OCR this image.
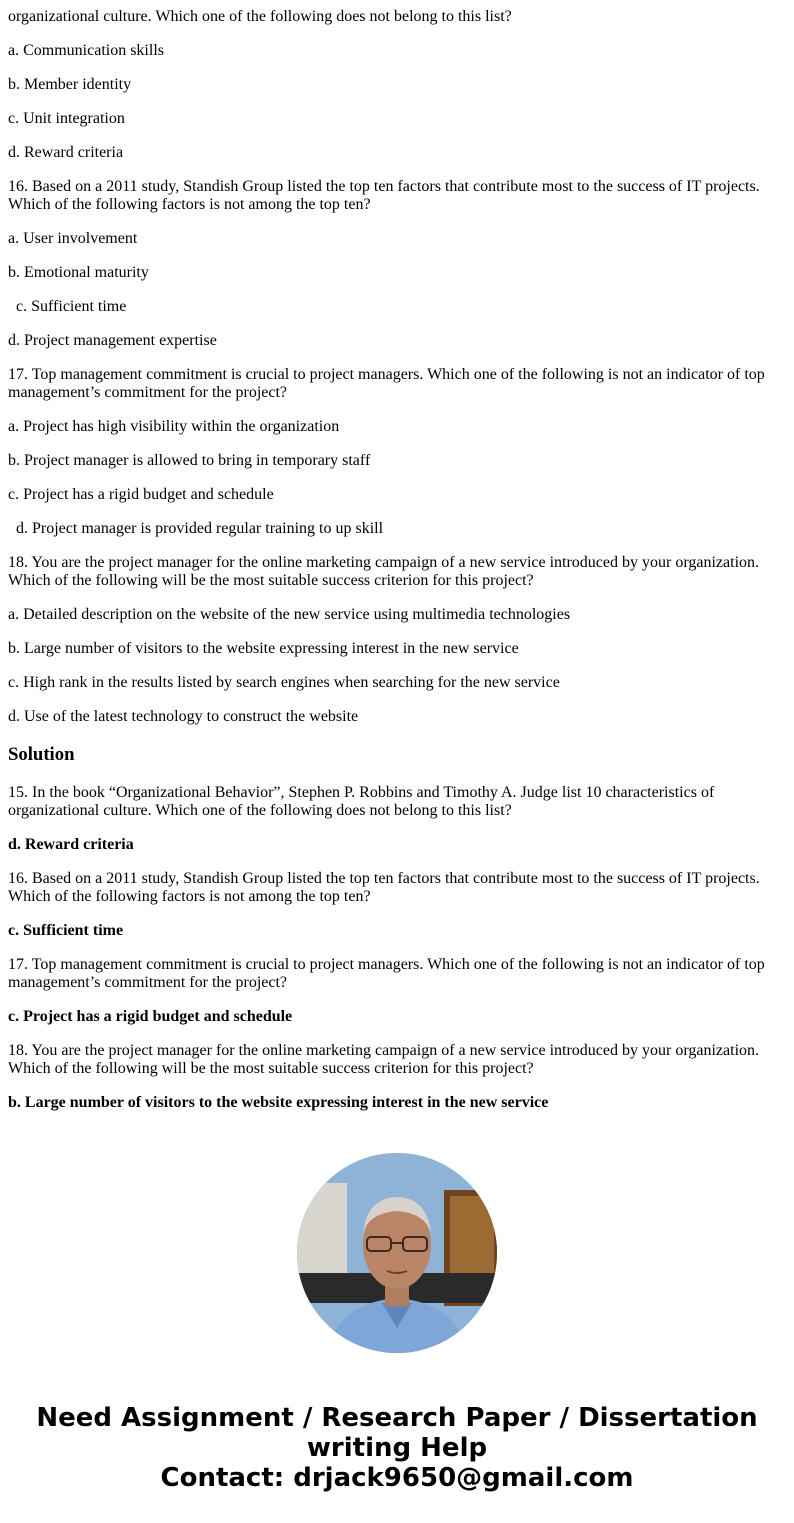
organizational culture. Which one of the following does not belong to this list?

a. Communication skills

b. Member identity

c. Unit integration

d. Reward criteria

16. Based on a 2011 study, Standish Group listed the top ten factors that contribute most to the success of IT projects. Which of the following factors is not among the top ten?

a. User involvement

b. Emotional maturity

c. Sufficient time

d. Project management expertise

17. Top management commitment is crucial to project managers. Which one of the following is not an indicator of top management’s commitment for the project?

a. Project has high visibility within the organization

b. Project manager is allowed to bring in temporary staff

c. Project has a rigid budget and schedule

d. Project manager is provided regular training to up skill

18. You are the project manager for the online marketing campaign of a new service introduced by your organization. Which of the following will be the most suitable success criterion for this project?

a. Detailed description on the website of the new service using multimedia technologies

b. Large number of visitors to the website expressing interest in the new service

c. High rank in the results listed by search engines when searching for the new service

d. Use of the latest technology to construct the website

Solution

15. In the book “Organizational Behavior”, Stephen P. Robbins and Timothy A. Judge list 10 characteristics of organizational culture. Which one of the following does not belong to this list?

d. Reward criteria

16. Based on a 2011 study, Standish Group listed the top ten factors that contribute most to the success of IT projects. Which of the following factors is not among the top ten?

c. Sufficient time

17. Top management commitment is crucial to project managers. Which one of the following is not an indicator of top management’s commitment for the project?

c. Project has a rigid budget and schedule

18. You are the project manager for the online marketing campaign of a new service introduced by your organization. Which of the following will be the most suitable success criterion for this project?

b. Large number of visitors to the website expressing interest in the new service

Need Assignment / Research Paper / Dissertation
writing Help
Contact: drjack9650@gmail.com
